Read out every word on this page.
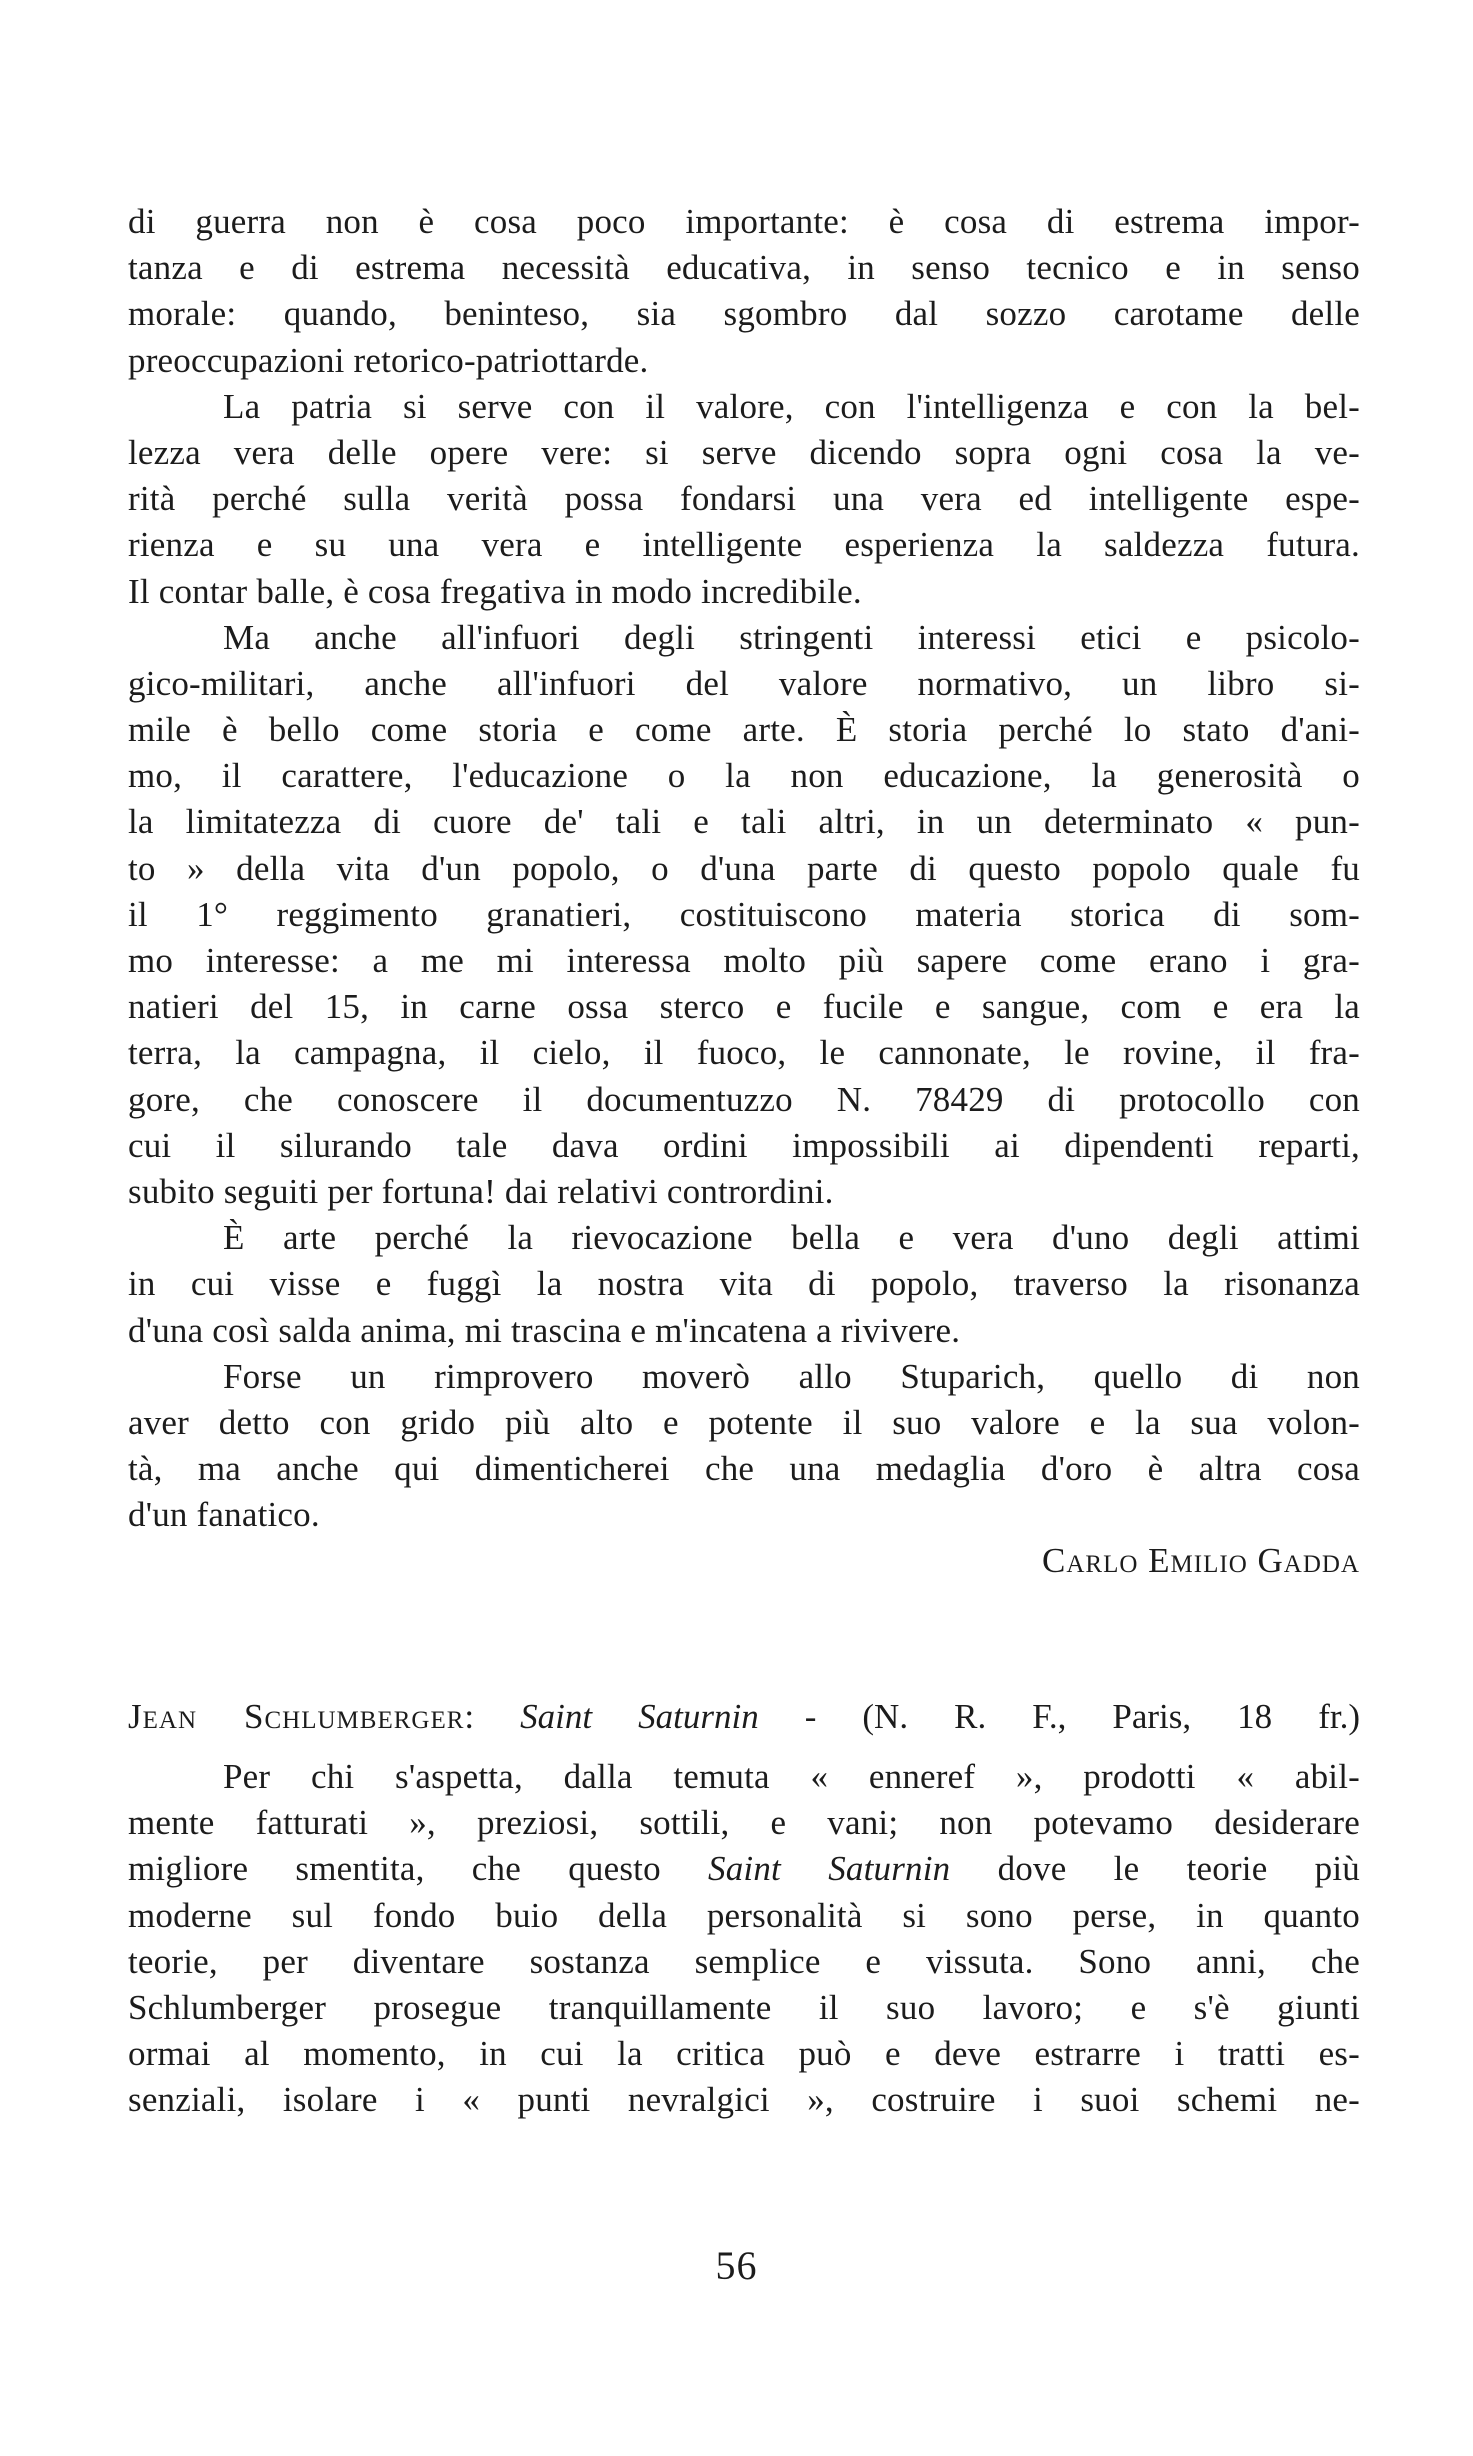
di guerra non è cosa poco importante: è cosa di estrema impor-
tanza e di estrema necessità educativa, in senso tecnico e in senso
morale: quando, beninteso, sia sgombro dal sozzo carotame delle
preoccupazioni retorico-patriottarde.
La patria si serve con il valore, con l'intelligenza e con la bel-
lezza vera delle opere vere: si serve dicendo sopra ogni cosa la ve-
rità perché sulla verità possa fondarsi una vera ed intelligente espe-
rienza e su una vera e intelligente esperienza la saldezza futura.
Il contar balle, è cosa fregativa in modo incredibile.
Ma anche all'infuori degli stringenti interessi etici e psicolo-
gico-militari, anche all'infuori del valore normativo, un libro si-
mile è bello come storia e come arte. È storia perché lo stato d'ani-
mo, il carattere, l'educazione o la non educazione, la generosità o
la limitatezza di cuore de' tali e tali altri, in un determinato « pun-
to » della vita d'un popolo, o d'una parte di questo popolo quale fu
il 1° reggimento granatieri, costituiscono materia storica di som-
mo interesse: a me mi interessa molto più sapere come erano i gra-
natieri del 15, in carne ossa sterco e fucile e sangue, com e era la
terra, la campagna, il cielo, il fuoco, le cannonate, le rovine, il fra-
gore, che conoscere il documentuzzo N. 78429 di protocollo con
cui il silurando tale dava ordini impossibili ai dipendenti reparti,
subito seguiti per fortuna! dai relativi contrordini.
È arte perché la rievocazione bella e vera d'uno degli attimi
in cui visse e fuggì la nostra vita di popolo, traverso la risonanza
d'una così salda anima, mi trascina e m'incatena a rivivere.
Forse un rimprovero moverò allo Stuparich, quello di non
aver detto con grido più alto e potente il suo valore e la sua volon-
tà, ma anche qui dimenticherei che una medaglia d'oro è altra cosa
d'un fanatico.
Carlo Emilio Gadda
Jean Schlumberger: Saint Saturnin - (N. R. F., Paris, 18 fr.)
Per chi s'aspetta, dalla temuta « enneref », prodotti « abil-
mente fatturati », preziosi, sottili, e vani; non potevamo desiderare
migliore smentita, che questo Saint Saturnin dove le teorie più
moderne sul fondo buio della personalità si sono perse, in quanto
teorie, per diventare sostanza semplice e vissuta. Sono anni, che
Schlumberger prosegue tranquillamente il suo lavoro; e s'è giunti
ormai al momento, in cui la critica può e deve estrarre i tratti es-
senziali, isolare i « punti nevralgici », costruire i suoi schemi ne-
56
